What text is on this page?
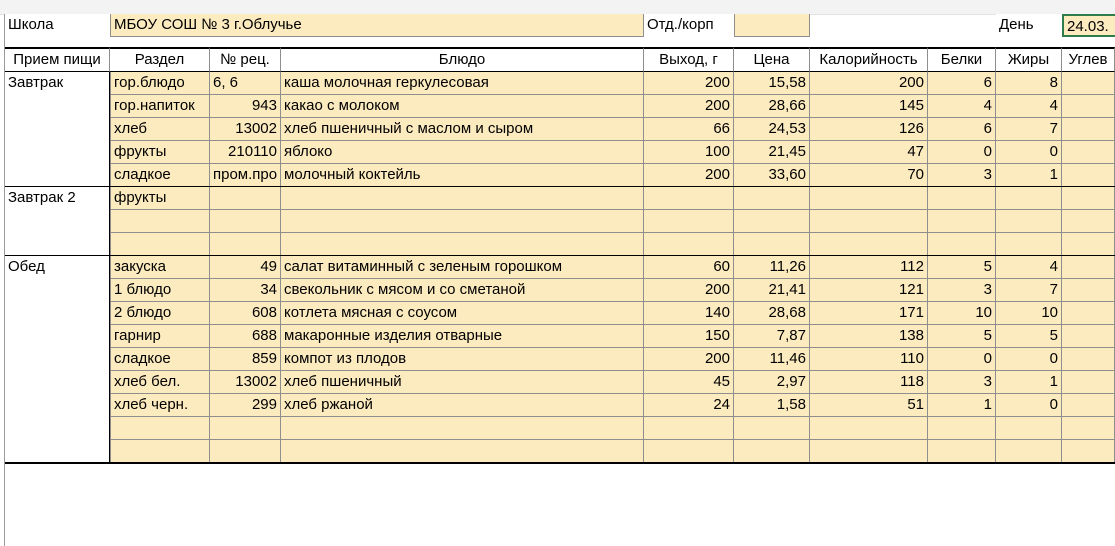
Школа	МБОУ СОШ № 3 г.Облучье	Отд./корп	День	24.03.
Прием пищи	Раздел	№ рец.	Блюдо	Выход, г	Цена	Калорийность	Белки	Жиры	Углев
Завтрак	гор.блюдо	6, 6	каша молочная геркулесовая	200	15,58	200	6	8
гор.напиток	943 какао с молоком	200	28,66	145	4	4
хлеб	13002 хлеб пшеничный с маслом и сыром	66	24,53	126	6	7
фрукты	210110 яблоко	100	21,45	47	0	0
сладкое	пром.про молочный коктейль	200	33,60	70	3	1
Завтрак 2	фрукты
Обед	закуска	49 салат витаминный с зеленым горошком	60	11,26	112	5	4
1 блюдо	34 свекольник с мясом и со сметаной	200	21,41	121	3	7
2 блюдо	608 котлета мясная с соусом	140	28,68	171	10	10
гарнир	688 макаронные изделия отварные	150	7,87	138	5	5
сладкое	859 компот из плодов	200	11,46	110	0	0
хлеб бел.	13002 хлеб пшеничный	45	2,97	118	3	1
хлеб черн.	299 хлеб ржаной	24	1,58	51	1	0
